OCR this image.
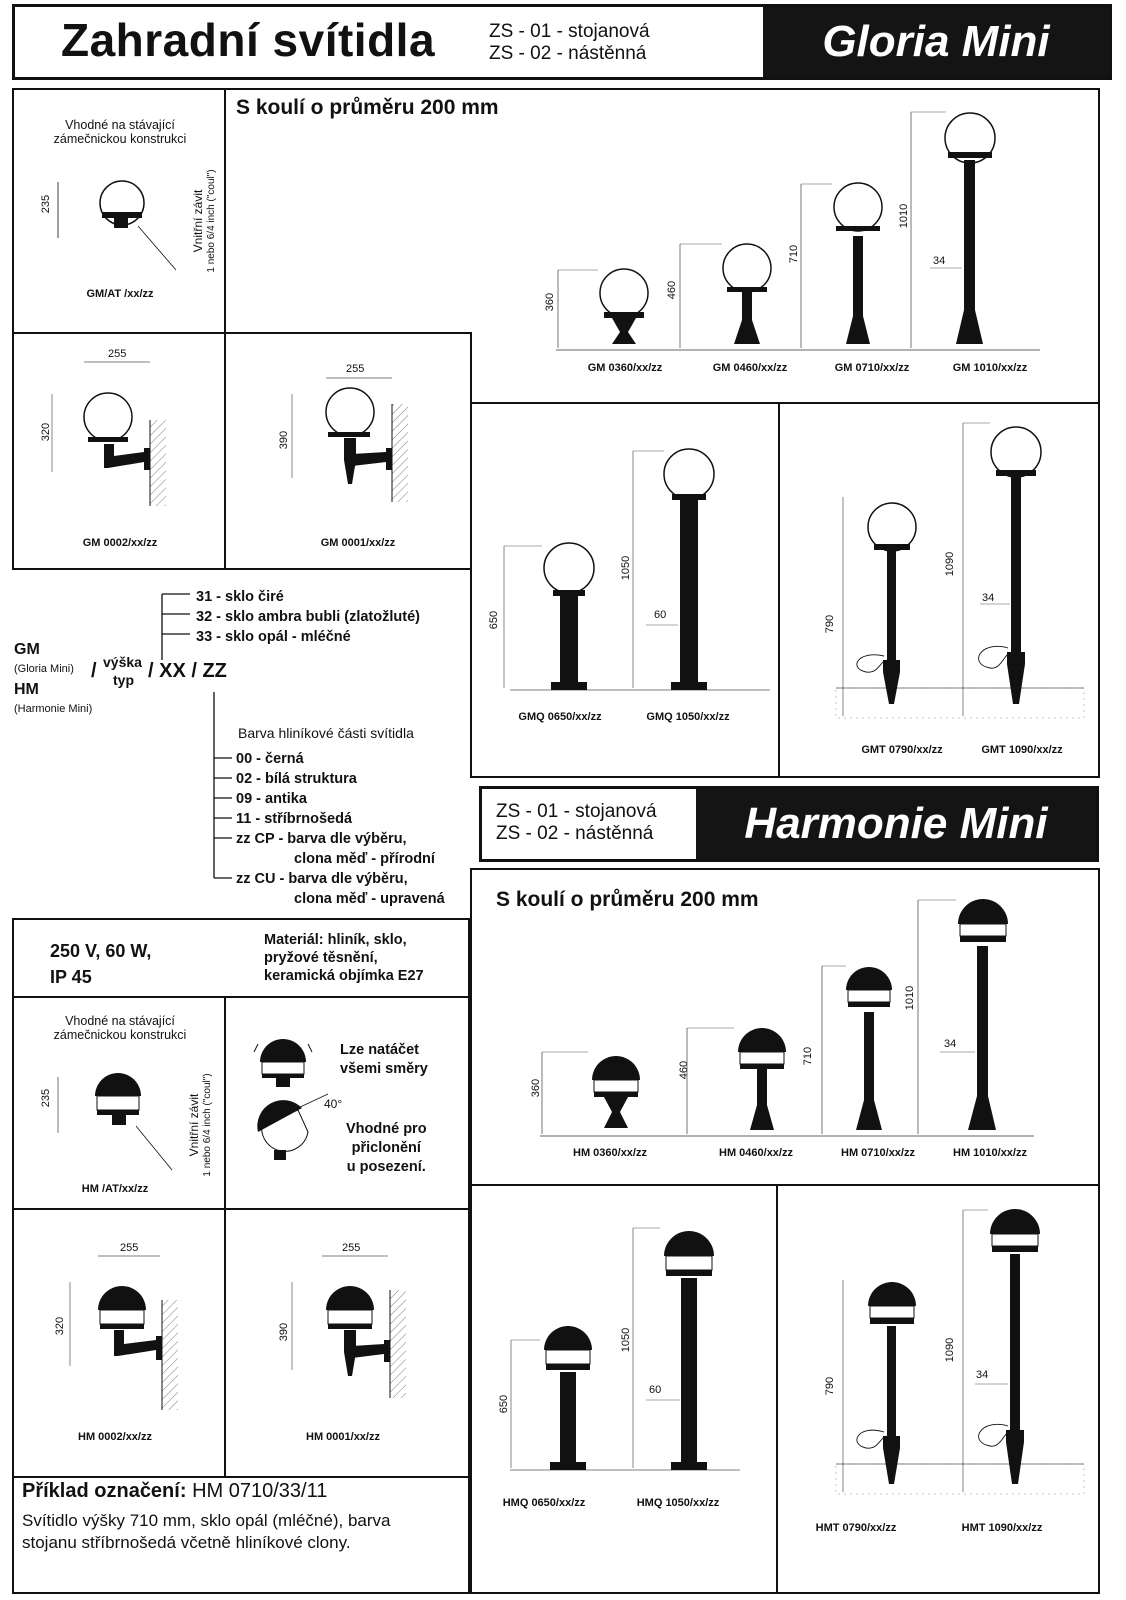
Zahradní svítidla	ZS - 01 - stojanová
ZS - 02 - nástěnná	Gloria Mini
ZS - 01 - stojanová
ZS - 02 - nástěnná	Harmonie Mini
S koulí o průměru 200 mm
Vhodné na stávající zámečnickou konstrukci
235	Vnitřní závit 1 nebo 6/4 inch ("coul")
GM/AT /xx/zz
GM 0360/xx/zz	GM 0460/xx/zz	GM 0710/xx/zz	GM 1010/xx/zz
360
460
710
1010
34
255
320
GM 0002/xx/zz
255
390
GM 0001/xx/zz
650
1050
60
GMQ 0650/xx/zz	GMQ 1050/xx/zz
790
1090
34
GMT 0790/xx/zz	GMT 1090/xx/zz
31 - sklo čiré
32 - sklo ambra bubli (zlatožluté)
33 - sklo opál - mléčné
GM
(Gloria Mini) /
HM
(Harmonie Mini)
výška
typ / XX / ZZ
Barva hliníkové části svítidla
00 - černá
02 - bílá struktura
09 - antika
11 - stříbrnošedá
zz CP - barva dle výběru,
clona měď - přírodní
zz CU - barva dle výběru,
clona měď - upravená
250 V, 60 W,
IP 45
Materiál: hliník, sklo,
pryžové těsnění,
keramická objímka E27
S koulí o průměru 200 mm
Vhodné na stávající zámečnickou konstrukci
235	Vnitřní závit 1 nebo 6/4 inch ("coul")
HM /AT/xx/zz
Lze natáčet
všemi směry
40°
Vhodné pro
přiclonění
u posezení.
HM 0360/xx/zz	HM 0460/xx/zz	HM 0710/xx/zz	HM 1010/xx/zz
360
460
710
1010
34
255
320
HM 0002/xx/zz
255
390
HM 0001/xx/zz
650
1050
60
HMQ 0650/xx/zz	HMQ 1050/xx/zz
790
1090
34
HMT 0790/xx/zz	HMT 1090/xx/zz
Příklad označení: HM 0710/33/11
Svítidlo výšky 710 mm, sklo opál (mléčné), barva
stojanu stříbrnošedá včetně hliníkové clony.
